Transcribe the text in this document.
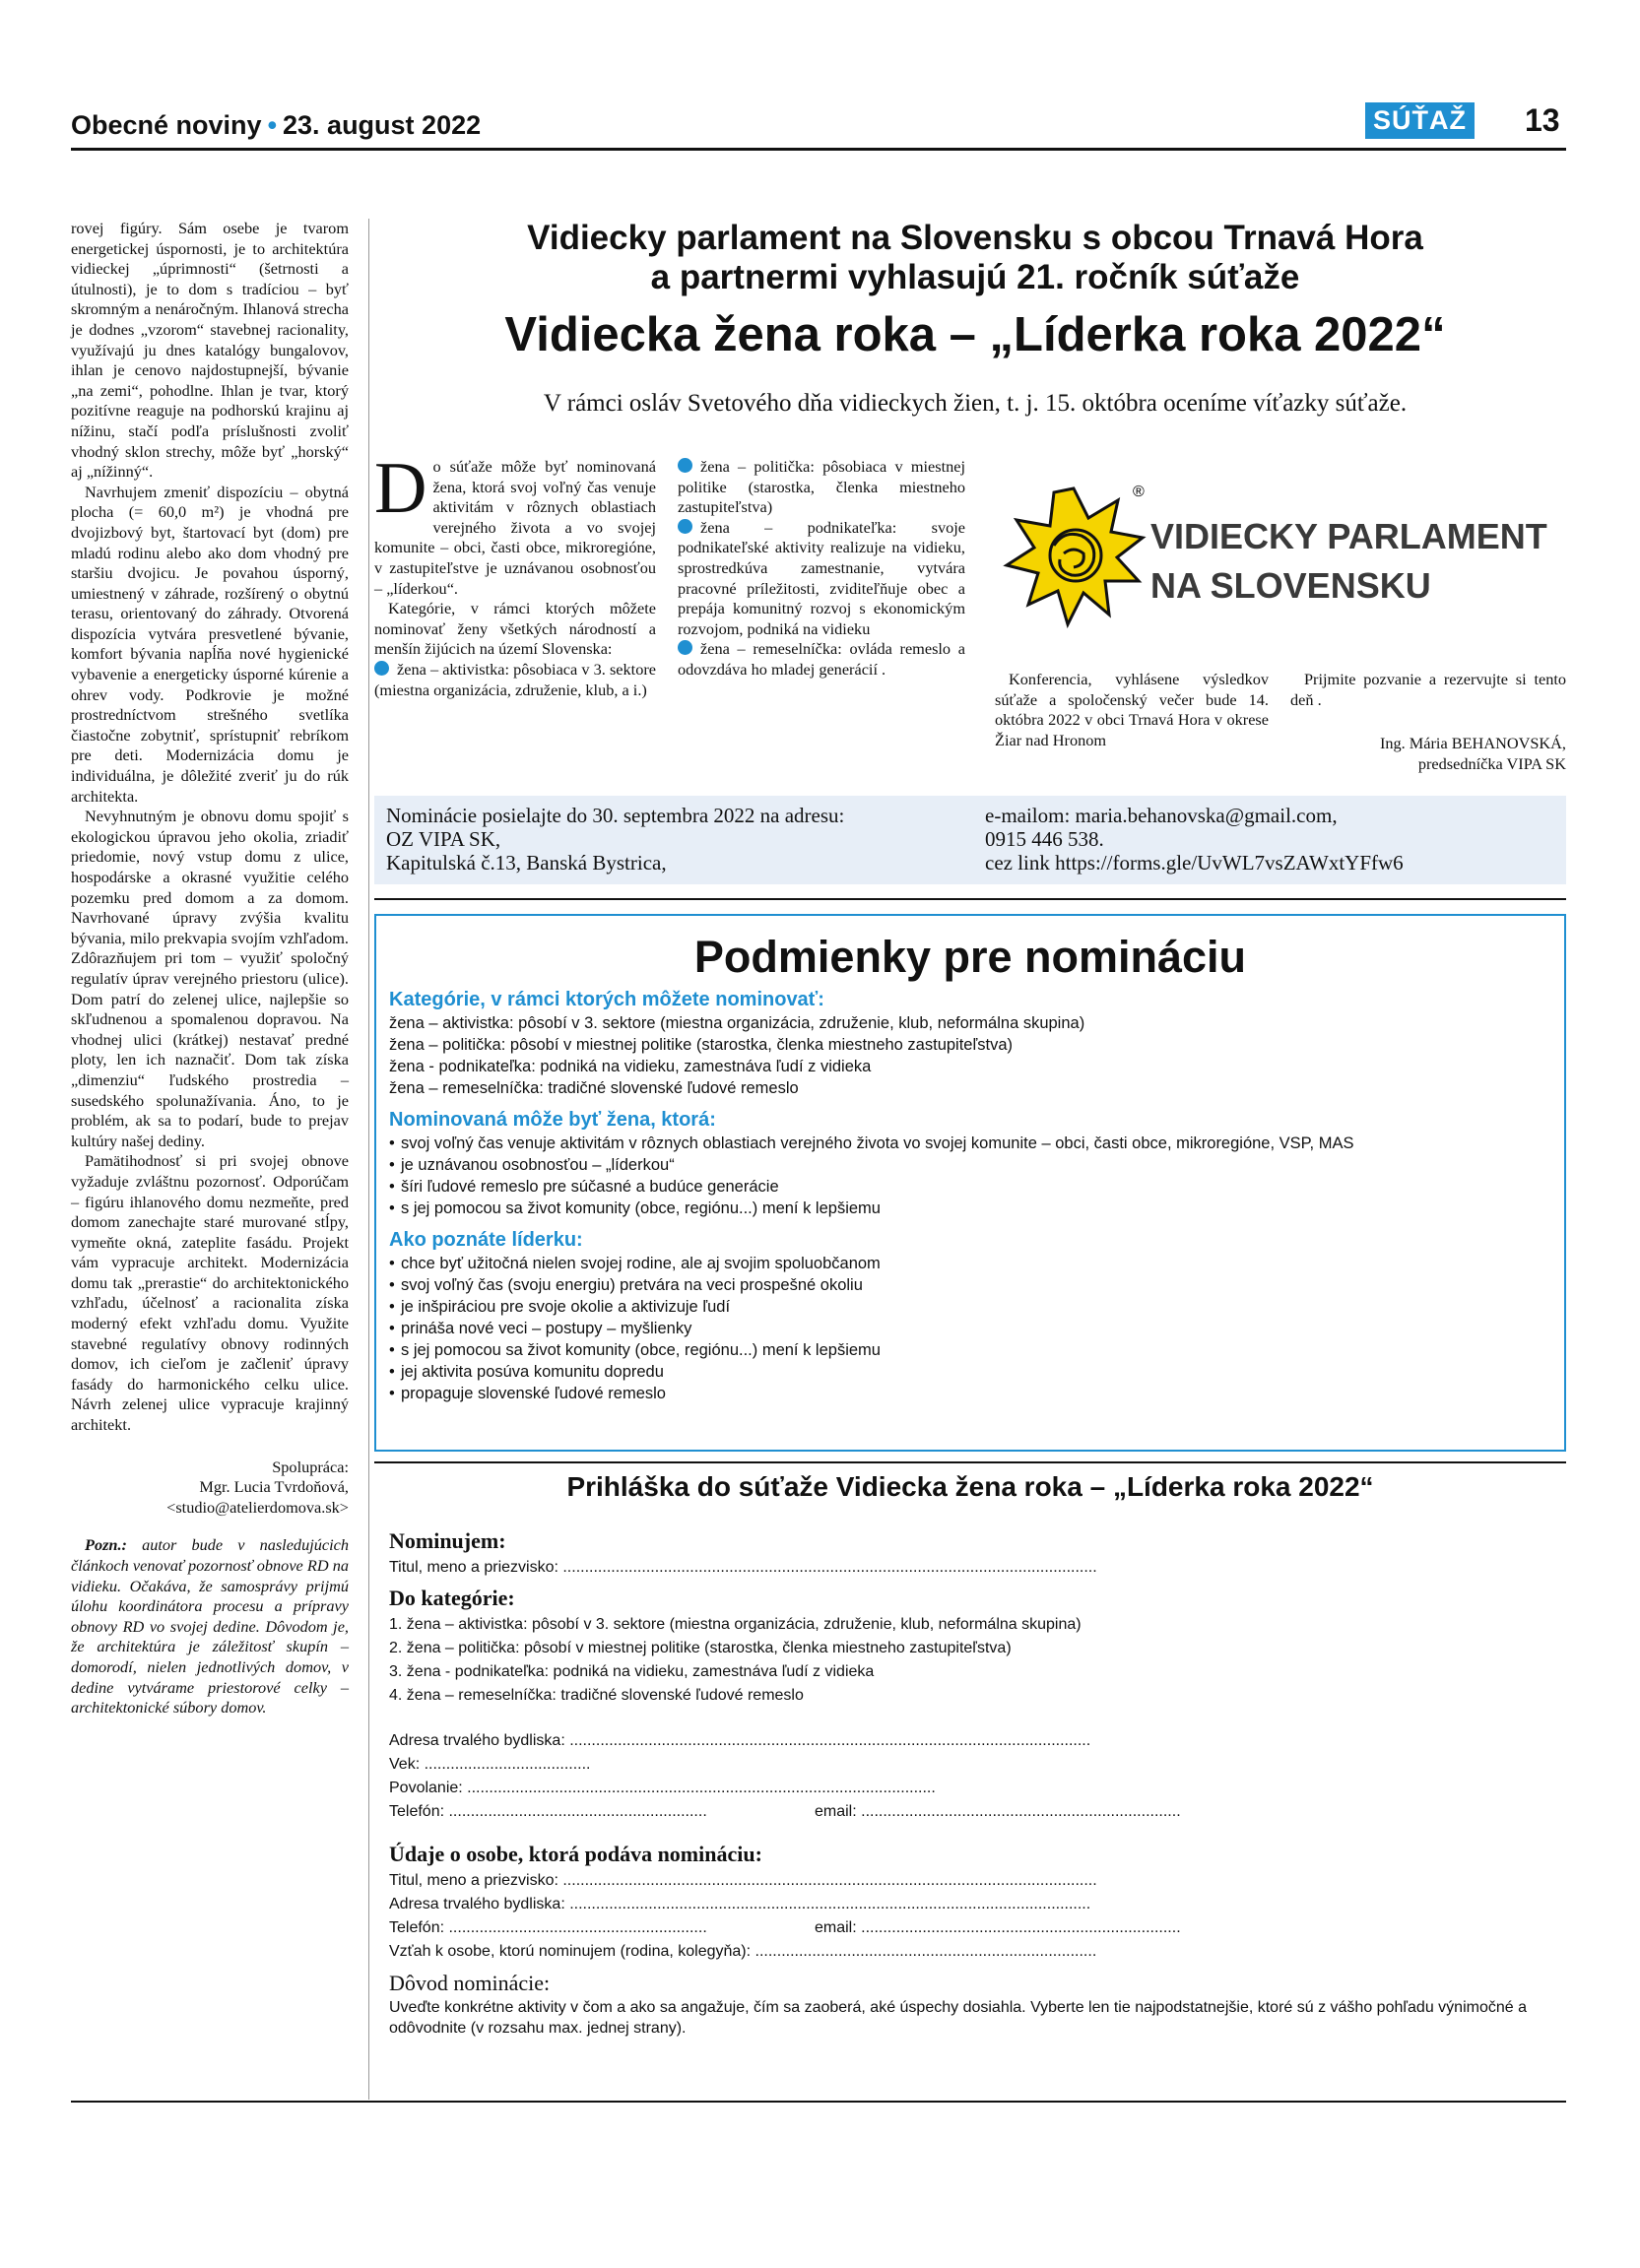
Obecné noviny • 23. august 2022	SÚŤAŽ 13

rovej figúry. Sám osebe je tvarom energetickej úspornosti, je to architektúra vidieckej „úprimnosti“ (šetrnosti a útulnosti), je to dom s tradíciou – byť skromným a nenáročným. Ihlanová strecha je dodnes „vzorom“ stavebnej racionality, využívajú ju dnes katalógy bungalovov, ihlan je cenovo najdostupnejší, bývanie „na zemi“, pohodlne. Ihlan je tvar, ktorý pozitívne reaguje na podhorskú krajinu aj nížinu, stačí podľa príslušnosti zvoliť vhodný sklon strechy, môže byť „horský“ aj „nížinný“.

Navrhujem zmeniť dispozíciu – obytná plocha (= 60,0 m²) je vhodná pre dvojizbový byt, štartovací byt (dom) pre mladú rodinu alebo ako dom vhodný pre staršiu dvojicu. Je povahou úsporný, umiestnený v záhrade, rozšírený o obytnú terasu, orientovaný do záhrady. Otvorená dispozícia vytvára presvetlené bývanie, komfort bývania napĺňa nové hygienické vybavenie a energeticky úsporné kúrenie a ohrev vody. Podkrovie je možné prostredníctvom strešného svetlíka čiastočne zobytniť, sprístupniť rebríkom pre deti. Modernizácia domu je individuálna, je dôležité zveriť ju do rúk architekta.

Nevyhnutným je obnovu domu spojiť s ekologickou úpravou jeho okolia, zriadiť priedomie, nový vstup domu z ulice, hospodárske a okrasné využitie celého pozemku pred domom a za domom. Navrhované úpravy zvýšia kvalitu bývania, milo prekvapia svojím vzhľadom. Zdôrazňujem pri tom – využiť spoločný regulatív úprav verejného priestoru (ulice). Dom patrí do zelenej ulice, najlepšie so skľudnenou a spomalenou dopravou. Na vhodnej ulici (krátkej) nestavať predné ploty, len ich naznačiť. Dom tak získa „dimenziu“ ľudského prostredia – susedského spolunažívania. Áno, to je problém, ak sa to podarí, bude to prejav kultúry našej dediny.

Pamätihodnosť si pri svojej obnove vyžaduje zvláštnu pozornosť. Odporúčam – figúru ihlanového domu nezmeňte, pred domom zanechajte staré murované stĺpy, vymeňte okná, zateplite fasádu. Projekt vám vypracuje architekt. Modernizácia domu tak „prerastie“ do architektonického vzhľadu, účelnosť a racionalita získa moderný efekt vzhľadu domu. Využite stavebné regulatívy obnovy rodinných domov, ich cieľom je začleniť úpravy fasády do harmonického celku ulice. Návrh zelenej ulice vypracuje krajinný architekt.

Spolupráca:
Mgr. Lucia Tvrdoňová,
<studio@atelierdomova.sk>

Pozn.: autor bude v nasledujúcich článkoch venovať pozornosť obnove RD na vidieku. Očakáva, že samosprávy prijmú úlohu koordinátora procesu a prípravy obnovy RD vo svojej dedine. Dôvodom je, že architektúra je záležitosť skupín – domorodí, nielen jednotlivých domov, v dedine vytvárame priestorové celky – architektonické súbory domov.

Vidiecky parlament na Slovensku s obcou Trnavá Hora
a partnermi vyhlasujú 21. ročník súťaže
Vidiecka žena roka – „Líderka roka 2022“
V rámci osláv Svetového dňa vidieckych žien, t. j. 15. októbra oceníme víťazky súťaže.

Do súťaže môže byť nominovaná žena, ktorá svoj voľný čas venuje aktivitám v rôznych oblastiach verejného života a vo svojej komunite – obci, časti obce, mikroregióne, v zastupiteľstve je uznávanou osobnosťou – „líderkou“.

Kategórie, v rámci ktorých môžete nominovať ženy všetkých národností a menšín žijúcich na území Slovenska:

žena – aktivistka: pôsobiaca v 3. sektore (miestna organizácia, združenie, klub, a i.)

žena – politička: pôsobiaca v miestnej politike (starostka, členka miestneho zastupiteľstva)

žena – podnikateľka: svoje podnikateľské aktivity realizuje na vidieku, sprostredkúva zamestnanie, vytvára pracovné príležitosti, zviditeľňuje obec a prepája komunitný rozvoj s ekonomickým rozvojom, podniká na vidieku

žena – remeselníčka: ovláda remeslo a odovzdáva ho mladej generácií .

®
VIDIECKY PARLAMENT
NA SLOVENSKU

Konferencia, vyhlásene výsledkov súťaže a spoločenský večer bude 14. októbra 2022 v obci Trnavá Hora v okrese Žiar nad Hronom

Prijmite pozvanie a rezervujte si tento deň .

Ing. Mária BEHANOVSKÁ,
predsedníčka VIPA SK

Nominácie posielajte do 30. septembra 2022 na adresu:
OZ VIPA SK,
Kapitulská č.13, Banská Bystrica,
e-mailom: maria.behanovska@gmail.com,
0915 446 538.
cez link https://forms.gle/UvWL7vsZAWxtYFfw6
Podmienky pre nomináciu
Kategórie, v rámci ktorých môžete nominovať:
žena – aktivistka: pôsobí v 3. sektore (miestna organizácia, združenie, klub, neformálna skupina)
žena – politička: pôsobí v miestnej politike (starostka, členka miestneho zastupiteľstva)
žena - podnikateľka: podniká na vidieku, zamestnáva ľudí z vidieka
žena – remeselníčka: tradičné slovenské ľudové remeslo
Nominovaná môže byť žena, ktorá:
• svoj voľný čas venuje aktivitám v rôznych oblastiach verejného života vo svojej komunite – obci, časti obce, mikroregióne, VSP, MAS
• je uznávanou osobnosťou – „líderkou“
• šíri ľudové remeslo pre súčasné a budúce generácie
• s jej pomocou sa život komunity (obce, regiónu...) mení k lepšiemu
Ako poznáte líderku:
• chce byť užitočná nielen svojej rodine, ale aj svojim spoluobčanom
• svoj voľný čas (svoju energiu) pretvára na veci prospešné okoliu
• je inšpiráciou pre svoje okolie a aktivizuje ľudí
• prináša nové veci – postupy – myšlienky
• s jej pomocou sa život komunity (obce, regiónu...) mení k lepšiemu
• jej aktivita posúva komunitu dopredu
• propaguje slovenské ľudové remeslo
Prihláška do súťaže Vidiecka žena roka – „Líderka roka 2022“
Nominujem:
Titul, meno a priezvisko: ..........................................................................................................................
Do kategórie:
1. žena – aktivistka: pôsobí v 3. sektore (miestna organizácia, združenie, klub, neformálna skupina)
2. žena – politička: pôsobí v miestnej politike (starostka, členka miestneho zastupiteľstva)
3. žena - podnikateľka: podniká na vidieku, zamestnáva ľudí z vidieka
4. žena – remeselníčka: tradičné slovenské ľudové remeslo
Adresa trvalého bydliska: .......................................................................................................................
Vek: ......................................
Povolanie: ...........................................................................................................
Telefón: ...........................................................	email: .........................................................................
Údaje o osobe, ktorá podáva nomináciu:
Titul, meno a priezvisko: ..........................................................................................................................
Adresa trvalého bydliska: .......................................................................................................................
Telefón: ...........................................................	email: .........................................................................
Vzťah k osobe, ktorú nominujem (rodina, kolegyňa): ..............................................................................
Dôvod nominácie:
Uveďte konkrétne aktivity v čom a ako sa angažuje, čím sa zaoberá, aké úspechy dosiahla. Vyberte len tie najpodstatnejšie, ktoré sú z vášho pohľadu výnimočné a odôvodnite (v rozsahu max. jednej strany).
